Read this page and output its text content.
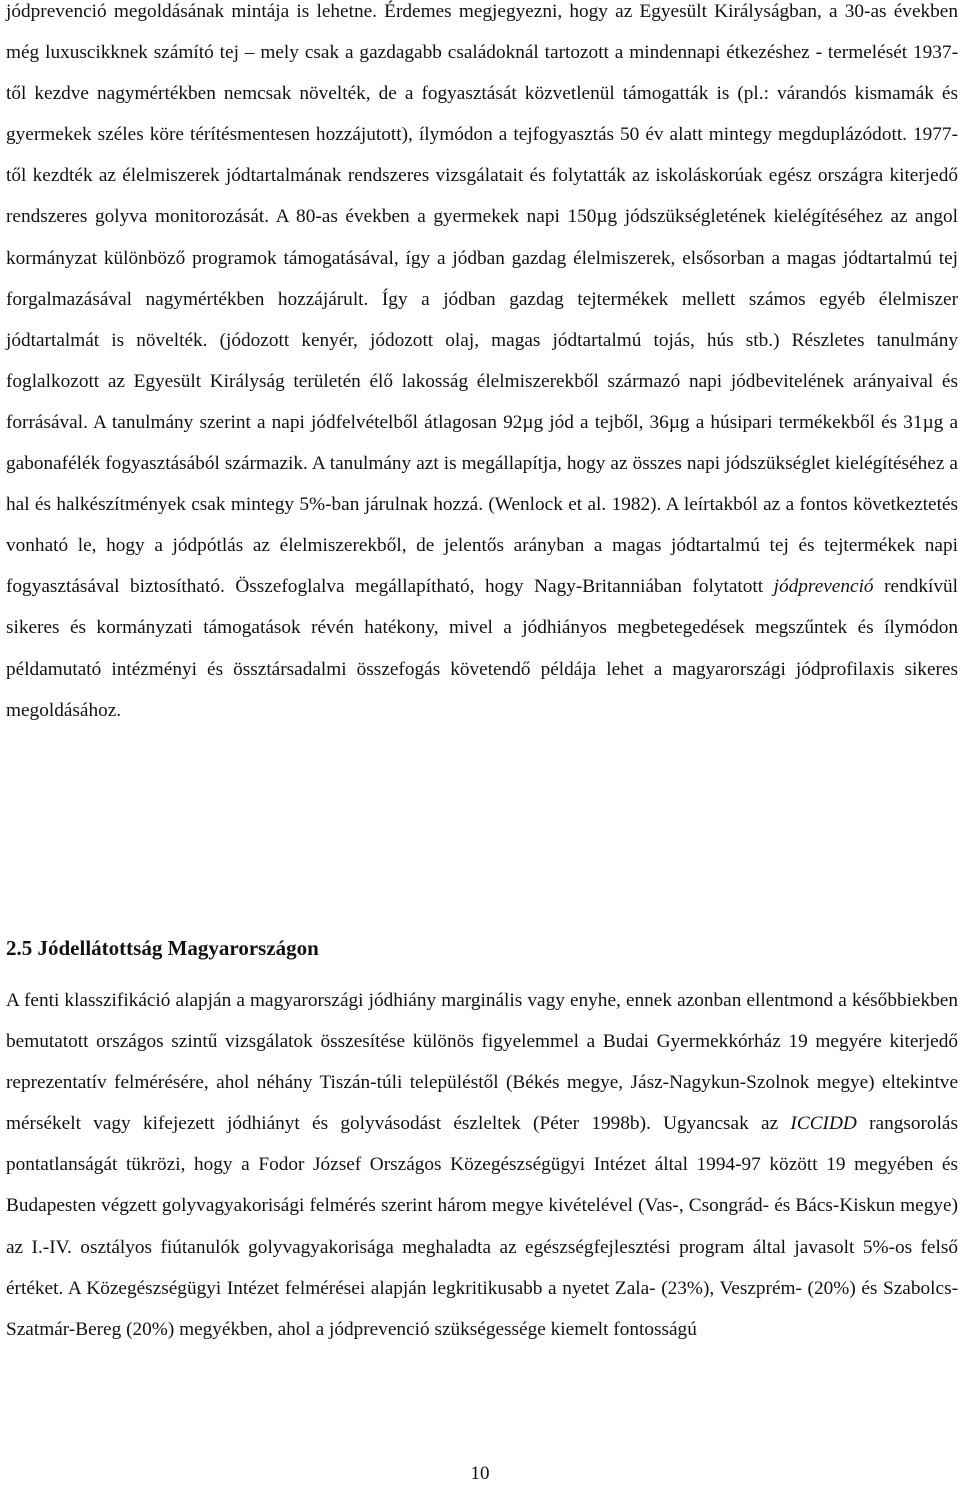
jódprevenció megoldásának mintája is lehetne. Érdemes megjegyezni, hogy az Egyesült Királyságban, a 30-as években még luxuscikknek számító tej – mely csak a gazdagabb családoknál tartozott a mindennapi étkezéshez - termelését 1937-től kezdve nagymértékben nemcsak növelték, de a fogyasztását közvetlenül támogatták is (pl.: várandós kismamák és gyermekek széles köre térítésmentesen hozzájutott), ílymódon a tejfogyasztás 50 év alatt mintegy megduplázódott. 1977-től kezdték az élelmiszerek jódtartalmának rendszeres vizsgálatait és folytatták az iskoláskorúak egész országra kiterjedő rendszeres golyva monitorozását. A 80-as években a gyermekek napi 150µg jódszükségletének kielégítéséhez az angol kormányzat különböző programok támogatásával, így a jódban gazdag élelmiszerek, elsősorban a magas jódtartalmú tej forgalmazásával nagymértékben hozzájárult. Így a jódban gazdag tejtermékek mellett számos egyéb élelmiszer jódtartalmát is növelték. (jódozott kenyér, jódozott olaj, magas jódtartalmú tojás, hús stb.) Részletes tanulmány foglalkozott az Egyesült Királyság területén élő lakosság élelmiszerekből származó napi jódbevitelének arányaival és forrásával. A tanulmány szerint a napi jódfelvételből átlagosan 92µg jód a tejből, 36µg a húsipari termékekből és 31µg a gabonafélék fogyasztásából származik. A tanulmány azt is megállapítja, hogy az összes napi jódszükséglet kielégítéséhez a hal és halkészítmények csak mintegy 5%-ban járulnak hozzá. (Wenlock et al. 1982). A leírtakból az a fontos következtetés vonható le, hogy a jódpótlás az élelmiszerekből, de jelentős arányban a magas jódtartalmú tej és tejtermékek napi fogyasztásával biztosítható. Összefoglalva megállapítható, hogy Nagy-Britanniában folytatott jódprevenció rendkívül sikeres és kormányzati támogatások révén hatékony, mivel a jódhiányos megbetegedések megszűntek és ílymódon példamutató intézményi és össztársadalmi összefogás követendő példája lehet a magyarországi jódprofilaxis sikeres megoldásához.

2.5 Jódellátottság Magyarországon

A fenti klasszifikáció alapján a magyarországi jódhiány marginális vagy enyhe, ennek azonban ellentmond a későbbiekben bemutatott országos szintű vizsgálatok összesítése különös figyelemmel a Budai Gyermekkórház 19 megyére kiterjedő reprezentatív felmérésére, ahol néhány Tiszán-túli településtől (Békés megye, Jász-Nagykun-Szolnok megye) eltekintve mérsékelt vagy kifejezett jódhiányt és golyvásodást észleltek (Péter 1998b). Ugyancsak az ICCIDD rangsorolás pontatlanságát tükrözi, hogy a Fodor József Országos Közegészségügyi Intézet által 1994-97 között 19 megyében és Budapesten végzett golyvagyakorisági felmérés szerint három megye kivételével (Vas-, Csongrád- és Bács-Kiskun megye) az I.-IV. osztályos fiútanulók golyvagyakorisága meghaladta az egészségfejlesztési program által javasolt 5%-os felső értéket. A Közegészségügyi Intézet felmérései alapján legkritikusabb a nyetet Zala- (23%), Veszprém- (20%) és Szabolcs-Szatmár-Bereg (20%) megyékben, ahol a jódprevenció szükségessége kiemelt fontosságú

10
